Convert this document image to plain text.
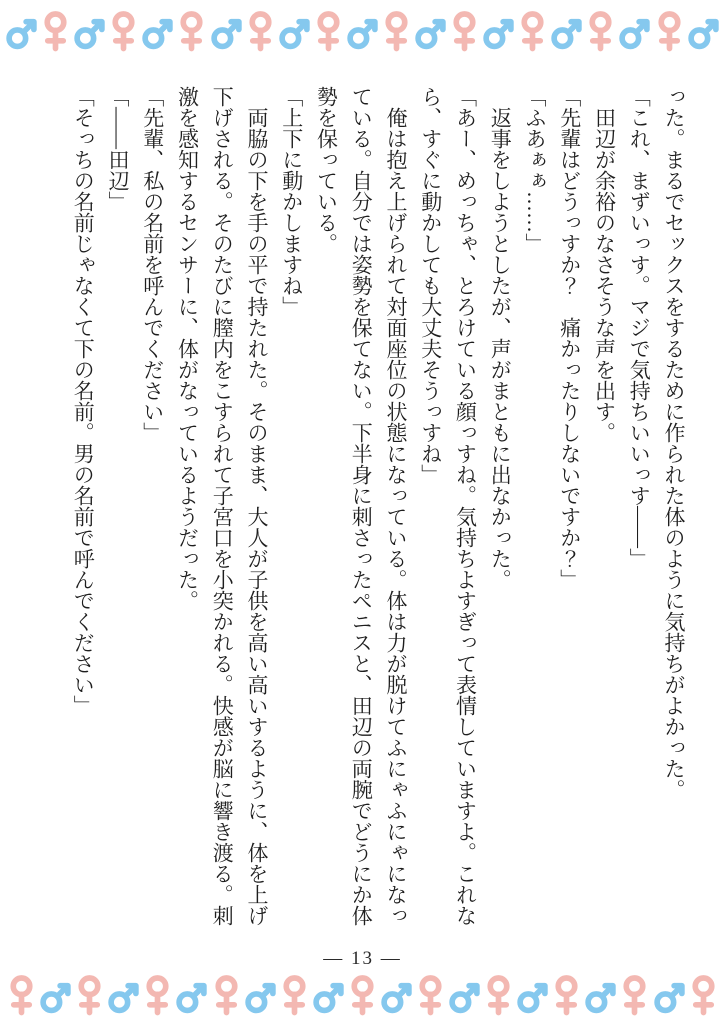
った。まるでセックスをするために作られた体のように気持ちがよかった。

「これ、まずいっす。マジで気持ちいいっす――」

田辺が余裕のなさそうな声を出す。

「先輩はどうっすか？　痛かったりしないですか？」

「ふあぁぁ……」

返事をしようとしたが、声がまともに出なかった。

「あー、めっちゃ、とろけている顔っすね。気持ちよすぎって表情していますよ。これなら、すぐに動かしても大丈夫そうっすね」

俺は抱え上げられて対面座位の状態になっている。体は力が脱けてふにゃふにゃになっている。自分では姿勢を保てない。下半身に刺さったペニスと、田辺の両腕でどうにか体勢を保っている。

「上下に動かしますね」

両脇の下を手の平で持たれた。そのまま、大人が子供を高い高いするように、体を上げ下げされる。そのたびに膣内をこすられて子宮口を小突かれる。快感が脳に響き渡る。刺激を感知するセンサーに、体がなっているようだった。

「先輩、私の名前を呼んでください」

「――田辺」

「そっちの名前じゃなくて下の名前。男の名前で呼んでください」

— 13 —
